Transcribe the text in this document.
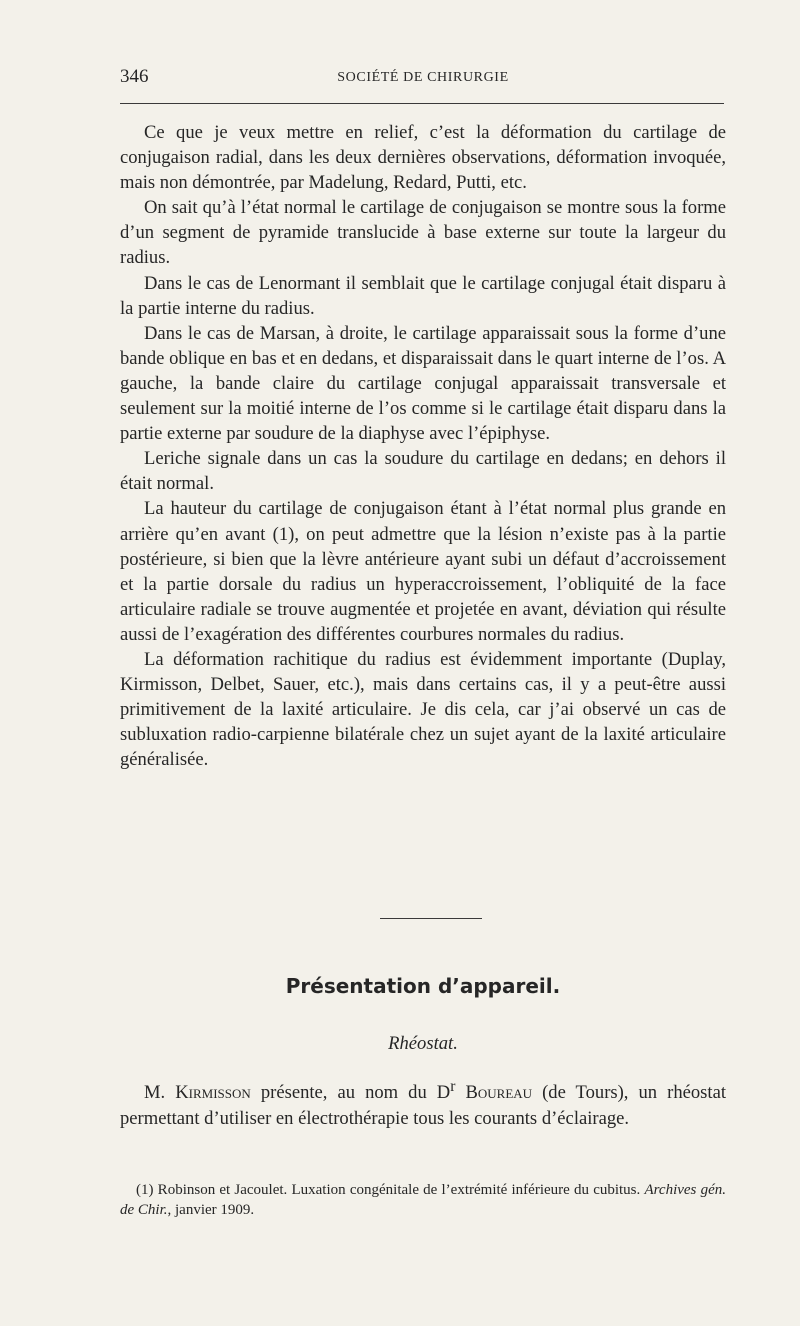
346	SOCIÉTÉ DE CHIRURGIE

Ce que je veux mettre en relief, c’est la déformation du cartilage de conjugaison radial, dans les deux dernières observations, déformation invoquée, mais non démontrée, par Madelung, Redard, Putti, etc.

On sait qu’à l’état normal le cartilage de conjugaison se montre sous la forme d’un segment de pyramide translucide à base externe sur toute la largeur du radius.

Dans le cas de Lenormant il semblait que le cartilage conjugal était disparu à la partie interne du radius.

Dans le cas de Marsan, à droite, le cartilage apparaissait sous la forme d’une bande oblique en bas et en dedans, et disparaissait dans le quart interne de l’os. A gauche, la bande claire du cartilage conjugal apparaissait transversale et seulement sur la moitié interne de l’os comme si le cartilage était disparu dans la partie externe par soudure de la diaphyse avec l’épiphyse.

Leriche signale dans un cas la soudure du cartilage en dedans; en dehors il était normal.

La hauteur du cartilage de conjugaison étant à l’état normal plus grande en arrière qu’en avant (1), on peut admettre que la lésion n’existe pas à la partie postérieure, si bien que la lèvre antérieure ayant subi un défaut d’accroissement et la partie dorsale du radius un hyperaccroissement, l’obliquité de la face articulaire radiale se trouve augmentée et projetée en avant, déviation qui résulte aussi de l’exagération des différentes courbures normales du radius.

La déformation rachitique du radius est évidemment importante (Duplay, Kirmisson, Delbet, Sauer, etc.), mais dans certains cas, il y a peut-être aussi primitivement de la laxité articulaire. Je dis cela, car j’ai observé un cas de subluxation radio-carpienne bilatérale chez un sujet ayant de la laxité articulaire généralisée.

Présentation d’appareil.
Rhéostat.

M. Kirmisson présente, au nom du $D^r$ Boureau (de Tours), un rhéostat permettant d’utiliser en électrothérapie tous les courants d’éclairage.

(1) Robinson et Jacoulet. Luxation congénitale de l’extrémité inférieure du cubitus. Archives gén. de Chir., janvier 1909.
